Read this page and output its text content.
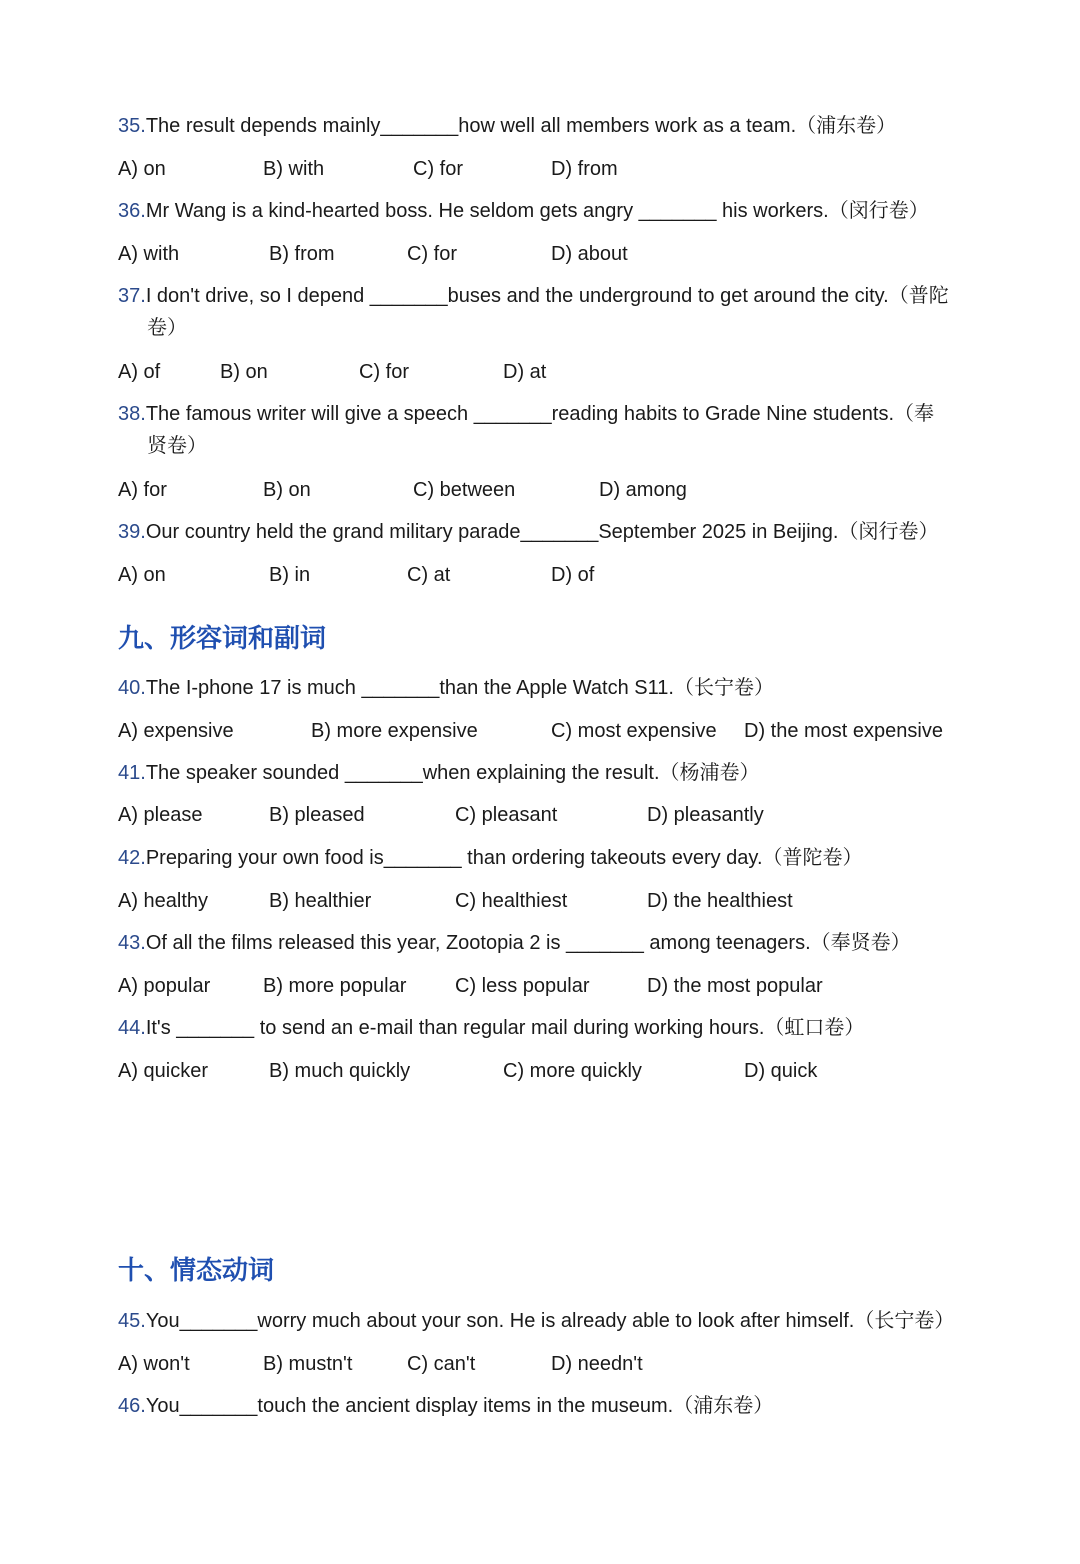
35.The result depends mainly_______how well all members work as a team.（浦东卷）
A) on	B) with	C) for	D) from
36.Mr Wang is a kind-hearted boss. He seldom gets angry _______ his workers.（闵行卷）
A) with	B) from	C) for	D) about
37.I don't drive, so I depend _______buses and the underground to get around the city.（普陀
卷）
A) of	B) on	C) for	D) at
38.The famous writer will give a speech _______reading habits to Grade Nine students.（奉
贤卷）
A) for	B) on	C) between	D) among
39.Our country held the grand military parade_______September 2025 in Beijing.（闵行卷）
A) on	B) in	C) at	D) of
九、形容词和副词
40.The I-phone 17 is much _______than the Apple Watch S11.（长宁卷）
A) expensive	B) more expensive	C) most expensive D) the most expensive
41.The speaker sounded _______when explaining the result.（杨浦卷）
A) please	B) pleased	C) pleasant	D) pleasantly
42.Preparing your own food is_______ than ordering takeouts every day.（普陀卷）
A) healthy	B) healthier	C) healthiest	D) the healthiest
43.Of all the films released this year, Zootopia 2 is _______ among teenagers.（奉贤卷）
A) popular	B) more popular C) less popular	D) the most popular
44.It's _______ to send an e-mail than regular mail during working hours.（虹口卷）
A) quicker	B) much quickly	C) more quickly	D) quick
十、情态动词
45.You_______worry much about your son. He is already able to look after himself.（长宁卷）
A) won't	B) mustn't	C) can't	D) needn't
46.You_______touch the ancient display items in the museum.（浦东卷）
